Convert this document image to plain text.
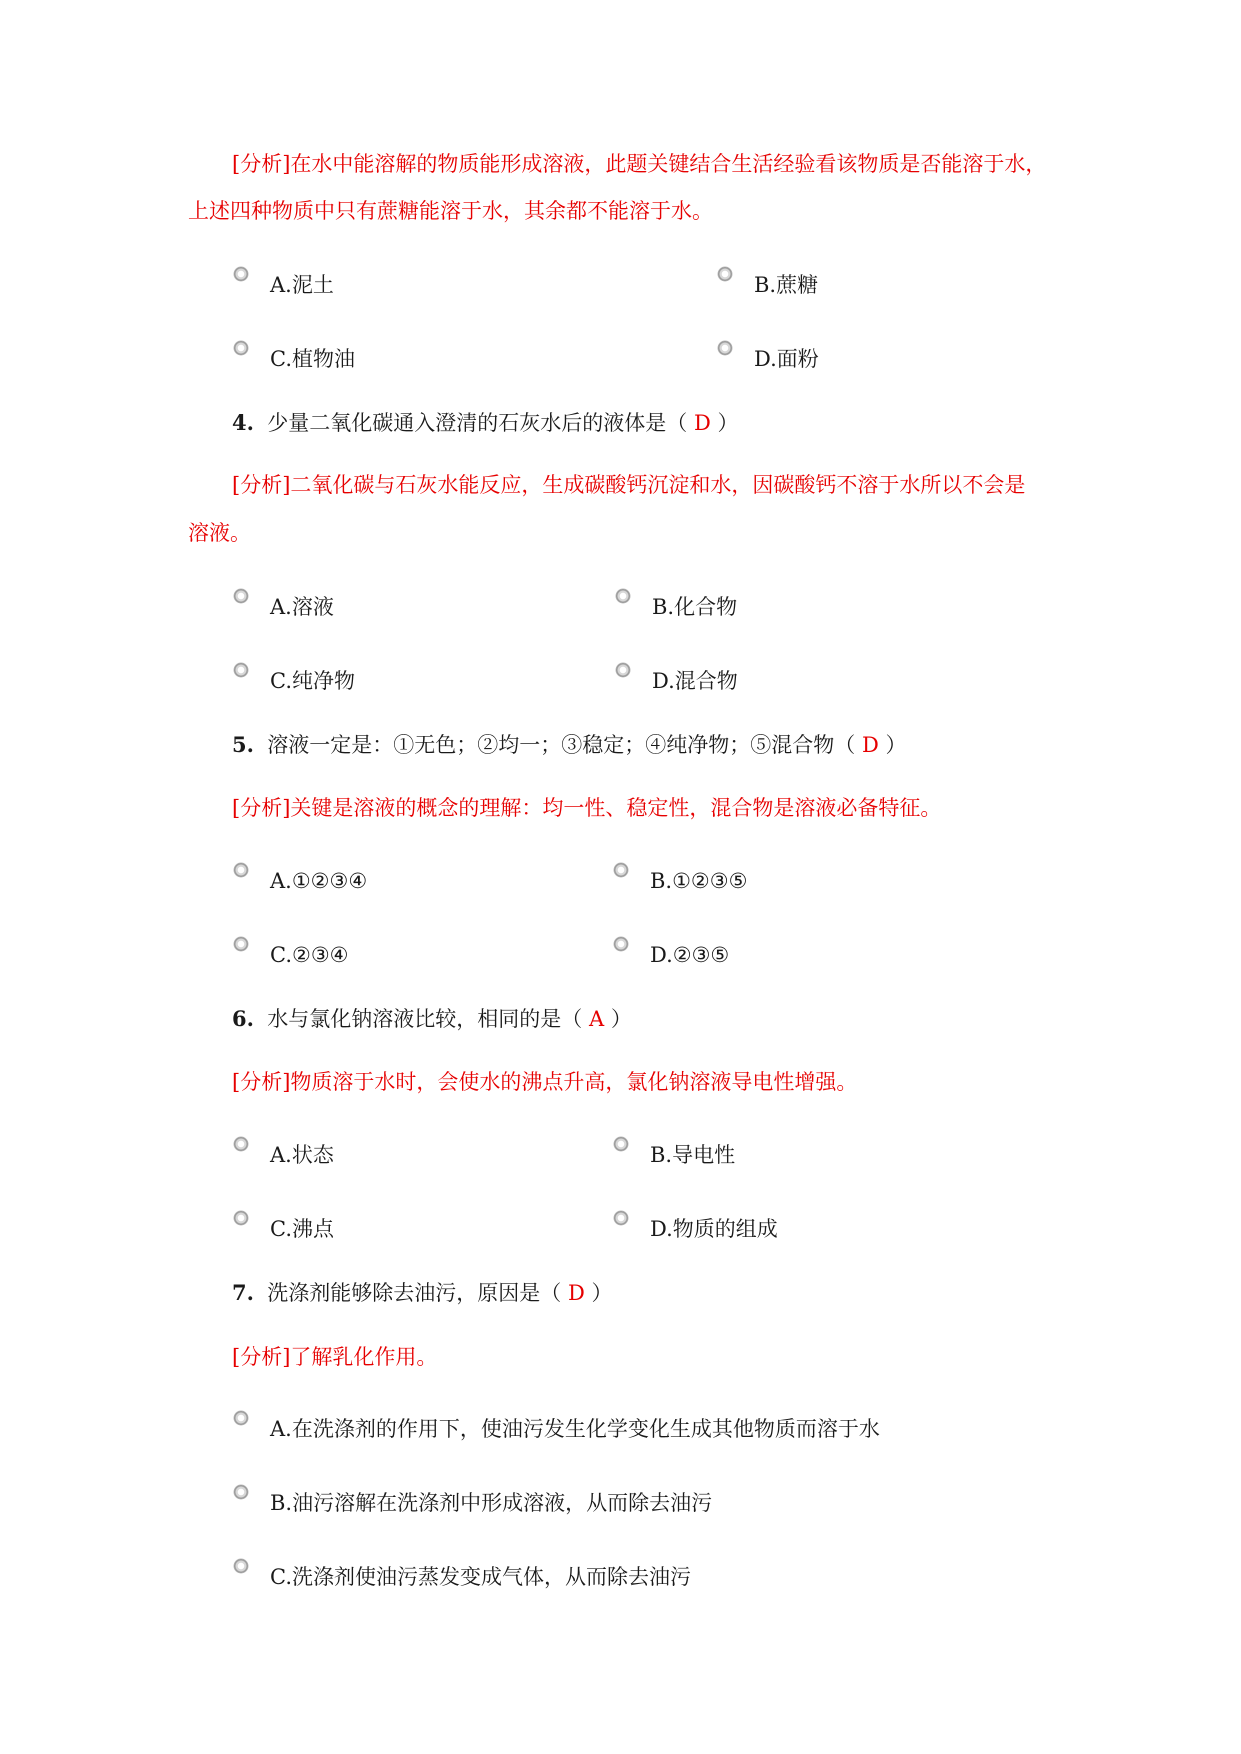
[分析]在水中能溶解的物质能形成溶液，此题关键结合生活经验看该物质是否能溶于水，
上述四种物质中只有蔗糖能溶于水，其余都不能溶于水。
A.泥土	B.蔗糖
C.植物油	D.面粉
4. 少量二氧化碳通入澄清的石灰水后的液体是（ D ）
[分析]二氧化碳与石灰水能反应，生成碳酸钙沉淀和水，因碳酸钙不溶于水所以不会是
溶液。
A.溶液	B.化合物
C.纯净物	D.混合物
5. 溶液一定是：①无色；②均一；③稳定；④纯净物；⑤混合物（ D ）
[分析]关键是溶液的概念的理解：均一性、稳定性，混合物是溶液必备特征。
A.①②③④	B.①②③⑤
C.②③④	D.②③⑤
6. 水与氯化钠溶液比较，相同的是（ A ）
[分析]物质溶于水时，会使水的沸点升高，氯化钠溶液导电性增强。
A.状态	B.导电性
C.沸点	D.物质的组成
7. 洗涤剂能够除去油污，原因是（ D ）
[分析]了解乳化作用。
A.在洗涤剂的作用下，使油污发生化学变化生成其他物质而溶于水
B.油污溶解在洗涤剂中形成溶液，从而除去油污
C.洗涤剂使油污蒸发变成气体，从而除去油污
